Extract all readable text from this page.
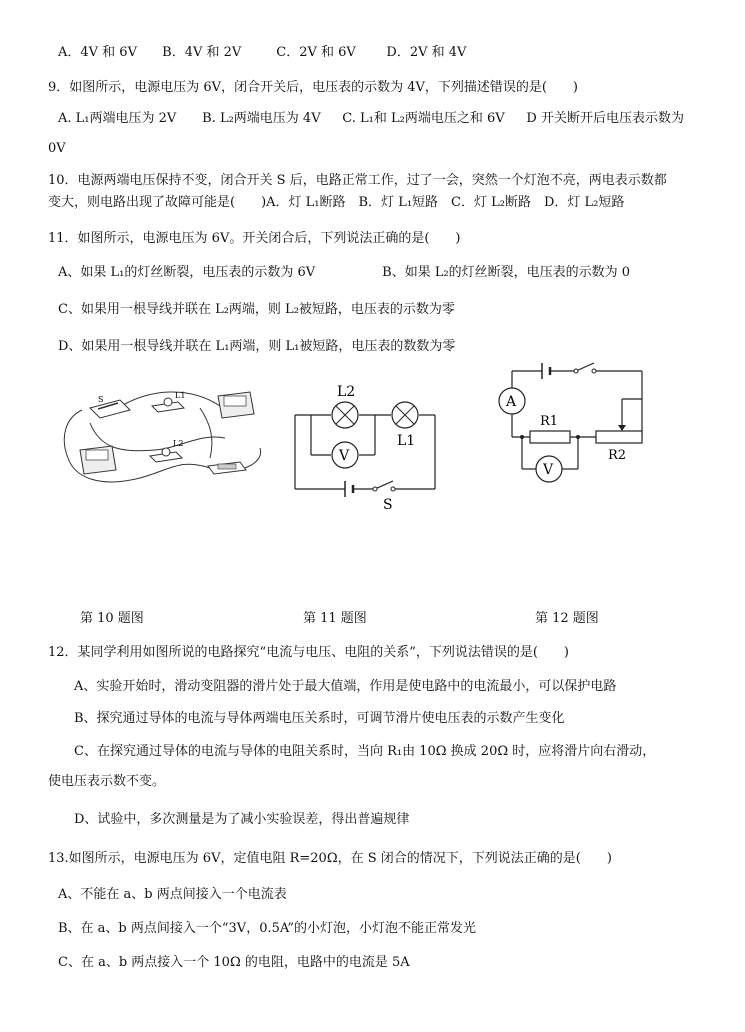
A．4V 和 6V B．4V 和 2V	C．2V 和 6V D．2V 和 4V
9．如图所示，电源电压为 6V，闭合开关后，电压表的示数为 4V，下列描述错误的是(　　)
A. L₁两端电压为 2V B. L₂两端电压为 4V C. L₁和 L₂两端电压之和 6V D 开关断开后电压表示数为
0V
10．电源两端电压保持不变，闭合开关 S 后，电路正常工作，过了一会，突然一个灯泡不亮，两电表示数都
变大，则电路出现了故障可能是(　　)A．灯 L₁断路　B．灯 L₁短路　C．灯 L₂断路　D．灯 L₂短路
11．如图所示，电源电压为 6V。开关闭合后，下列说法正确的是(　　)
A、如果 L₁的灯丝断裂，电压表的示数为 6V	B、如果 L₂的灯丝断裂，电压表的示数为 0
C、如果用一根导线并联在 L₂两端，则 L₂被短路，电压表的示数为零
D、如果用一根导线并联在 L₁两端，则 L₁被短路，电压表的数数为零
S	L1
L2
L2
L1
V
S
A
R1
R2
V
第 10 题图	第 11 题图	第 12 题图
12．某同学利用如图所说的电路探究“电流与电压、电阻的关系”，下列说法错误的是(　　)
A、实验开始时，滑动变阻器的滑片处于最大值端，作用是使电路中的电流最小，可以保护电路
B、探究通过导体的电流与导体两端电压关系时，可调节滑片使电压表的示数产生变化
C、在探究通过导体的电流与导体的电阻关系时，当向 R₁由 10Ω 换成 20Ω 时，应将滑片向右滑动，
使电压表示数不变。
D、试验中，多次测量是为了减小实验误差，得出普遍规律
13.如图所示，电源电压为 6V，定值电阻 R=20Ω，在 S 闭合的情况下，下列说法正确的是(　　)
A、不能在 a、b 两点间接入一个电流表
B、在 a、b 两点间接入一个“3V，0.5A”的小灯泡，小灯泡不能正常发光
C、在 a、b 两点接入一个 10Ω 的电阻，电路中的电流是 5A
